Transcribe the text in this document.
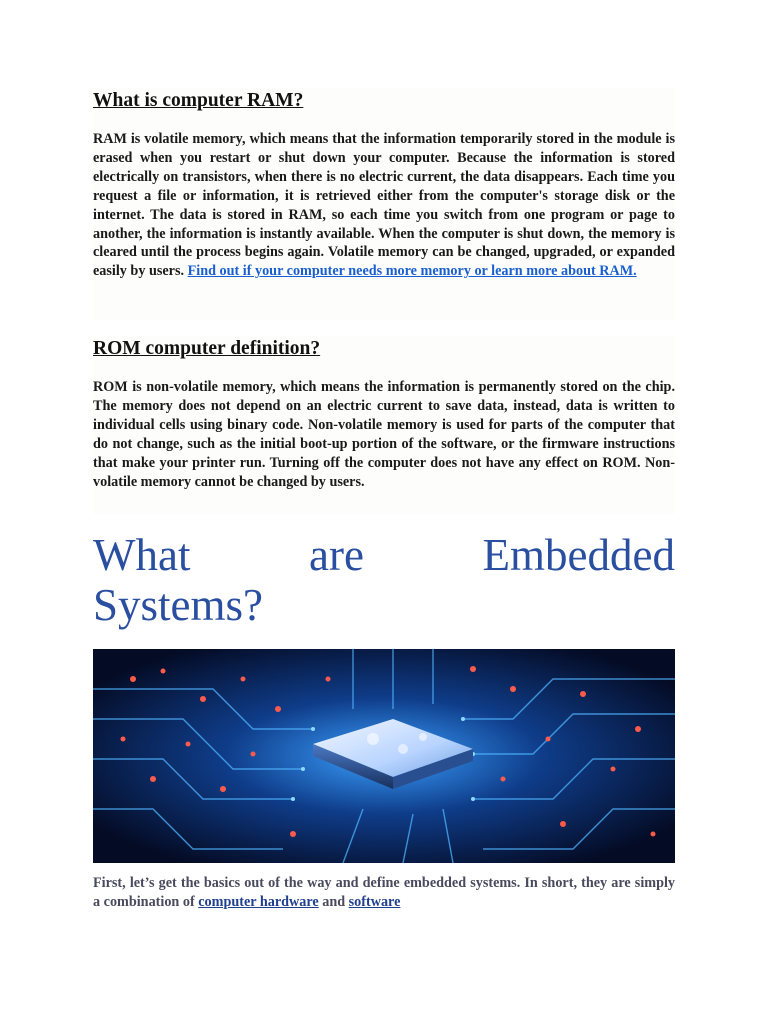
What is computer RAM?

RAM is volatile memory, which means that the information temporarily stored in the module is erased when you restart or shut down your computer. Because the information is stored electrically on transistors, when there is no electric current, the data disappears. Each time you request a file or information, it is retrieved either from the computer's storage disk or the internet. The data is stored in RAM, so each time you switch from one program or page to another, the information is instantly available. When the computer is shut down, the memory is cleared until the process begins again. Volatile memory can be changed, upgraded, or expanded easily by users. Find out if your computer needs more memory or learn more about RAM.

ROM computer definition?

ROM is non-volatile memory, which means the information is permanently stored on the chip. The memory does not depend on an electric current to save data, instead, data is written to individual cells using binary code. Non-volatile memory is used for parts of the computer that do not change, such as the initial boot-up portion of the software, or the firmware instructions that make your printer run. Turning off the computer does not have any effect on ROM. Non-volatile memory cannot be changed by users.

What	are	Embedded
Systems?

First, let’s get the basics out of the way and define embedded systems. In short, they are simply a combination of computer hardware and software
